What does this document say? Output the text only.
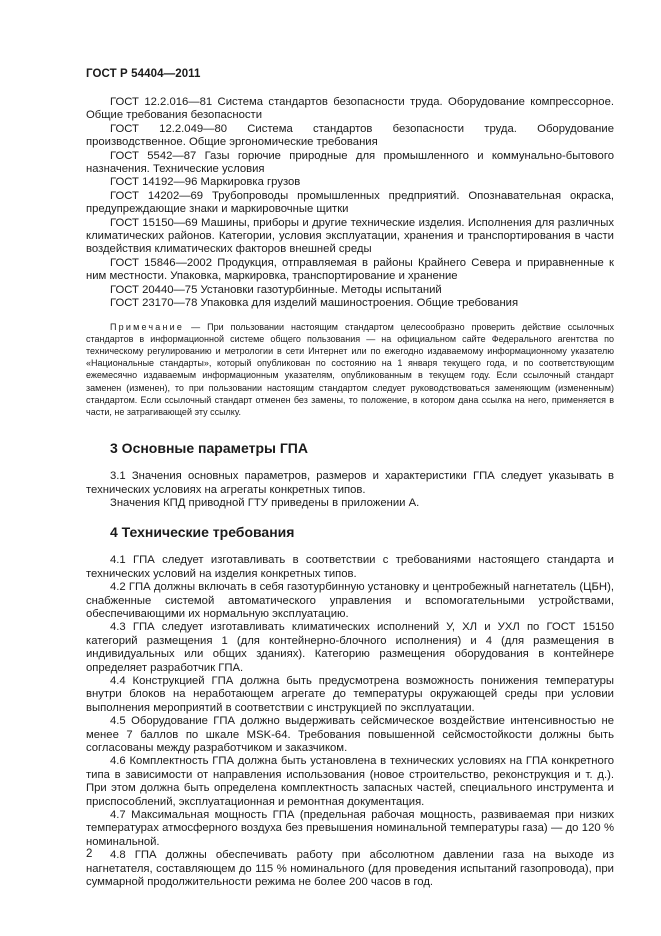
ГОСТ Р 54404—2011

ГОСТ 12.2.016—81 Система стандартов безопасности труда. Оборудование компрессорное. Общие требования безопасности

ГОСТ 12.2.049—80 Система стандартов безопасности труда. Оборудование производственное. Общие эргономические требования

ГОСТ 5542—87 Газы горючие природные для промышленного и коммунально-бытового назначения. Технические условия

ГОСТ 14192—96 Маркировка грузов

ГОСТ 14202—69 Трубопроводы промышленных предприятий. Опознавательная окраска, предупреждающие знаки и маркировочные щитки

ГОСТ 15150—69 Машины, приборы и другие технические изделия. Исполнения для различных климатических районов. Категории, условия эксплуатации, хранения и транспортирования в части воздействия климатических факторов внешней среды

ГОСТ 15846—2002 Продукция, отправляемая в районы Крайнего Севера и приравненные к ним местности. Упаковка, маркировка, транспортирование и хранение

ГОСТ 20440—75 Установки газотурбинные. Методы испытаний

ГОСТ 23170—78 Упаковка для изделий машиностроения. Общие требования

Примечание — При пользовании настоящим стандартом целесообразно проверить действие ссылочных стандартов в информационной системе общего пользования — на официальном сайте Федерального агентства по техническому регулированию и метрологии в сети Интернет или по ежегодно издаваемому информационному указателю «Национальные стандарты», который опубликован по состоянию на 1 января текущего года, и по соответствующим ежемесячно издаваемым информационным указателям, опубликованным в текущем году. Если ссылочный стандарт заменен (изменен), то при пользовании настоящим стандартом следует руководствоваться заменяющим (измененным) стандартом. Если ссылочный стандарт отменен без замены, то положение, в котором дана ссылка на него, применяется в части, не затрагивающей эту ссылку.

3 Основные параметры ГПА

3.1 Значения основных параметров, размеров и характеристики ГПА следует указывать в технических условиях на агрегаты конкретных типов.

Значения КПД приводной ГТУ приведены в приложении А.

4 Технические требования

4.1 ГПА следует изготавливать в соответствии с требованиями настоящего стандарта и технических условий на изделия конкретных типов.

4.2 ГПА должны включать в себя газотурбинную установку и центробежный нагнетатель (ЦБН), снабженные системой автоматического управления и вспомогательными устройствами, обеспечивающими их нормальную эксплуатацию.

4.3 ГПА следует изготавливать климатических исполнений У, ХЛ и УХЛ по ГОСТ 15150 категорий размещения 1 (для контейнерно-блочного исполнения) и 4 (для размещения в индивидуальных или общих зданиях). Категорию размещения оборудования в контейнере определяет разработчик ГПА.

4.4 Конструкцией ГПА должна быть предусмотрена возможность понижения температуры внутри блоков на неработающем агрегате до температуры окружающей среды при условии выполнения мероприятий в соответствии с инструкцией по эксплуатации.

4.5 Оборудование ГПА должно выдерживать сейсмическое воздействие интенсивностью не менее 7 баллов по шкале MSK-64. Требования повышенной сейсмостойкости должны быть согласованы между разработчиком и заказчиком.

4.6 Комплектность ГПА должна быть установлена в технических условиях на ГПА конкретного типа в зависимости от направления использования (новое строительство, реконструкция и т. д.). При этом должна быть определена комплектность запасных частей, специального инструмента и приспособлений, эксплуатационная и ремонтная документация.

4.7 Максимальная мощность ГПА (предельная рабочая мощность, развиваемая при низких температурах атмосферного воздуха без превышения номинальной температуры газа) — до 120 % номинальной.

4.8 ГПА должны обеспечивать работу при абсолютном давлении газа на выходе из нагнетателя, составляющем до 115 % номинального (для проведения испытаний газопровода), при суммарной продолжительности режима не более 200 часов в год.

2
